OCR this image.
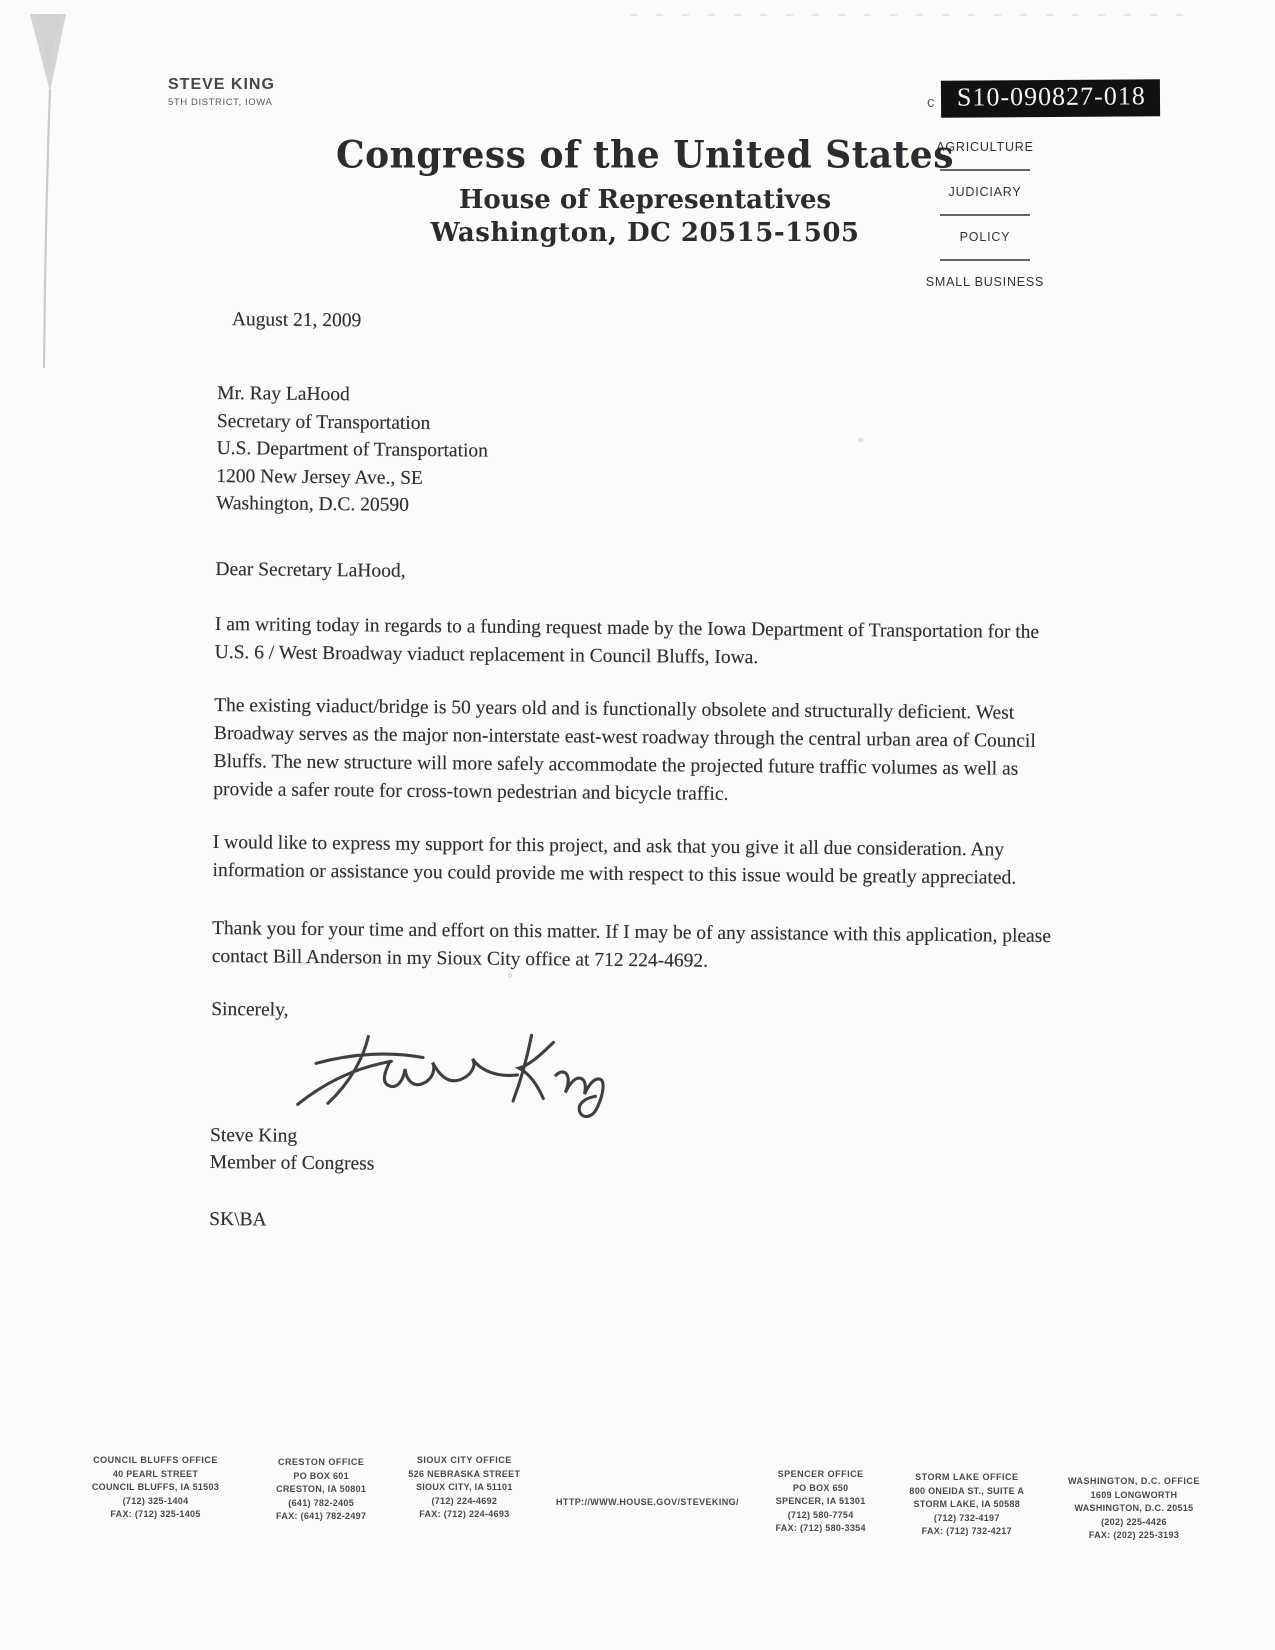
STEVE KING
5TH DISTRICT, IOWA	c S10-090827-018
AGRICULTURE
JUDICIARY
POLICY
SMALL BUSINESS
Congress of the United States
House of Representatives
Washington, DC 20515-1505

August 21, 2009

Mr. Ray LaHood

Secretary of Transportation

U.S. Department of Transportation

1200 New Jersey Ave., SE

Washington, D.C. 20590

Dear Secretary LaHood,

I am writing today in regards to a funding request made by the Iowa Department of Transportation for the U.S. 6 / West Broadway viaduct replacement in Council Bluffs, Iowa.

The existing viaduct/bridge is 50 years old and is functionally obsolete and structurally deficient. West Broadway serves as the major non-interstate east-west roadway through the central urban area of Council Bluffs. The new structure will more safely accommodate the projected future traffic volumes as well as provide a safer route for cross-town pedestrian and bicycle traffic.

I would like to express my support for this project, and ask that you give it all due consideration. Any information or assistance you could provide me with respect to this issue would be greatly appreciated.

Thank you for your time and effort on this matter. If I may be of any assistance with this application, please contact Bill Anderson in my Sioux City office at 712 224-4692.

Sincerely,

Steve King

Member of Congress

SK\BA

COUNCIL BLUFFS OFFICE

40 PEARL STREET

COUNCIL BLUFFS, IA 51503

(712) 325-1404

FAX: (712) 325-1405

CRESTON OFFICE

PO BOX 601

CRESTON, IA 50801

(641) 782-2405

FAX: (641) 782-2497

SIOUX CITY OFFICE

526 NEBRASKA STREET

SIOUX CITY, IA 51101

(712) 224-4692

FAX: (712) 224-4693

HTTP://WWW.HOUSE.GOV/STEVEKING/

SPENCER OFFICE

PO BOX 650

SPENCER, IA 51301

(712) 580-7754

FAX: (712) 580-3354

STORM LAKE OFFICE

800 ONEIDA ST., SUITE A

STORM LAKE, IA 50588

(712) 732-4197

FAX: (712) 732-4217

WASHINGTON, D.C. OFFICE

1609 LONGWORTH

WASHINGTON, D.C. 20515

(202) 225-4426

FAX: (202) 225-3193
